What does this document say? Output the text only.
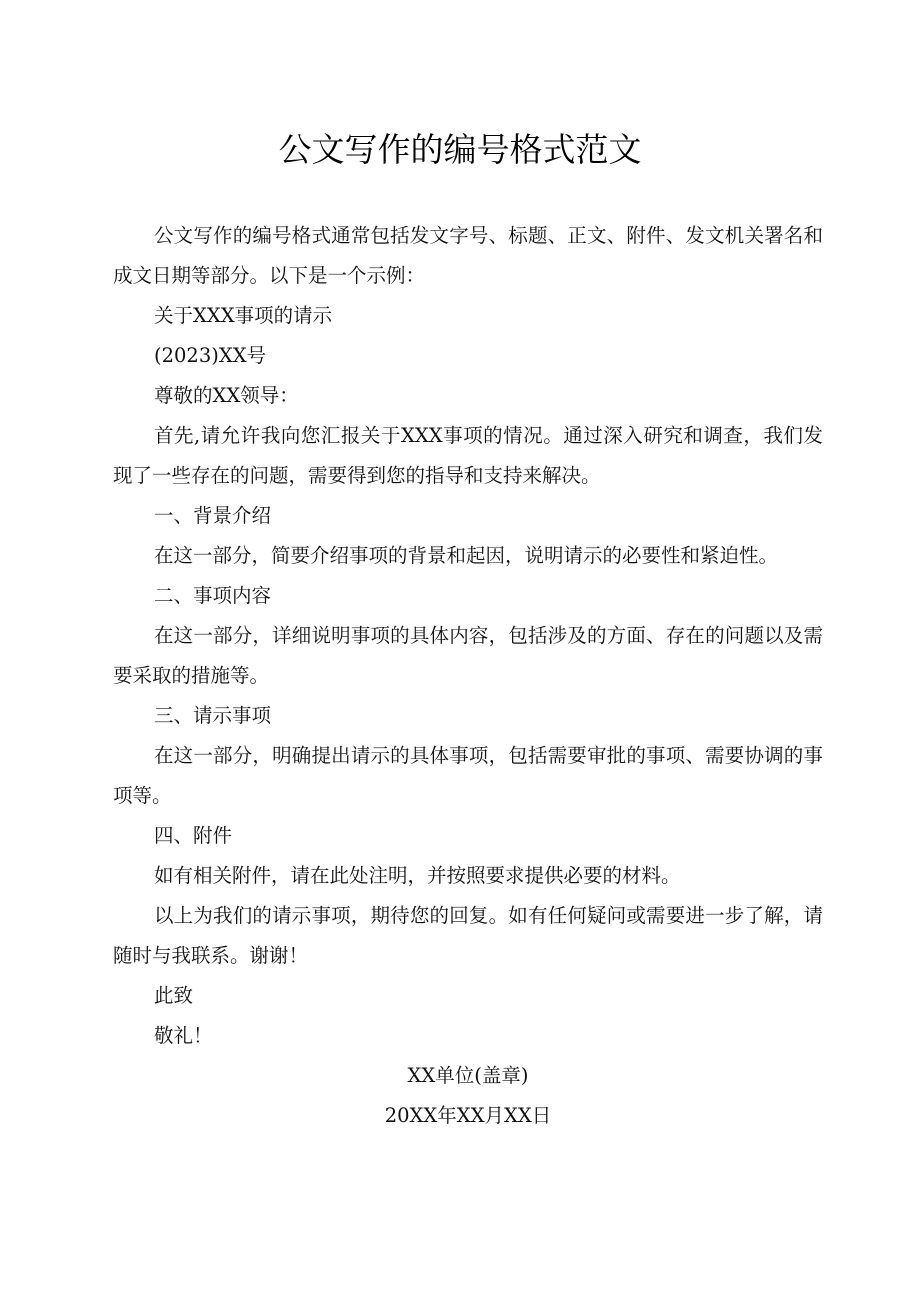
公文写作的编号格式范文

公文写作的编号格式通常包括发文字号、标题、正文、附件、发文机关署名和成文日期等部分。以下是一个示例：

关于XXX事项的请示

(2023)XX号

尊敬的XX领导：

首先,请允许我向您汇报关于XXX事项的情况。通过深入研究和调查，我们发现了一些存在的问题，需要得到您的指导和支持来解决。

一、背景介绍

在这一部分，简要介绍事项的背景和起因，说明请示的必要性和紧迫性。

二、事项内容

在这一部分，详细说明事项的具体内容，包括涉及的方面、存在的问题以及需要采取的措施等。

三、请示事项

在这一部分，明确提出请示的具体事项，包括需要审批的事项、需要协调的事项等。

四、附件

如有相关附件，请在此处注明，并按照要求提供必要的材料。

以上为我们的请示事项，期待您的回复。如有任何疑问或需要进一步了解，请随时与我联系。谢谢！

此致

敬礼！

XX单位(盖章)

20XX年XX月XX日
